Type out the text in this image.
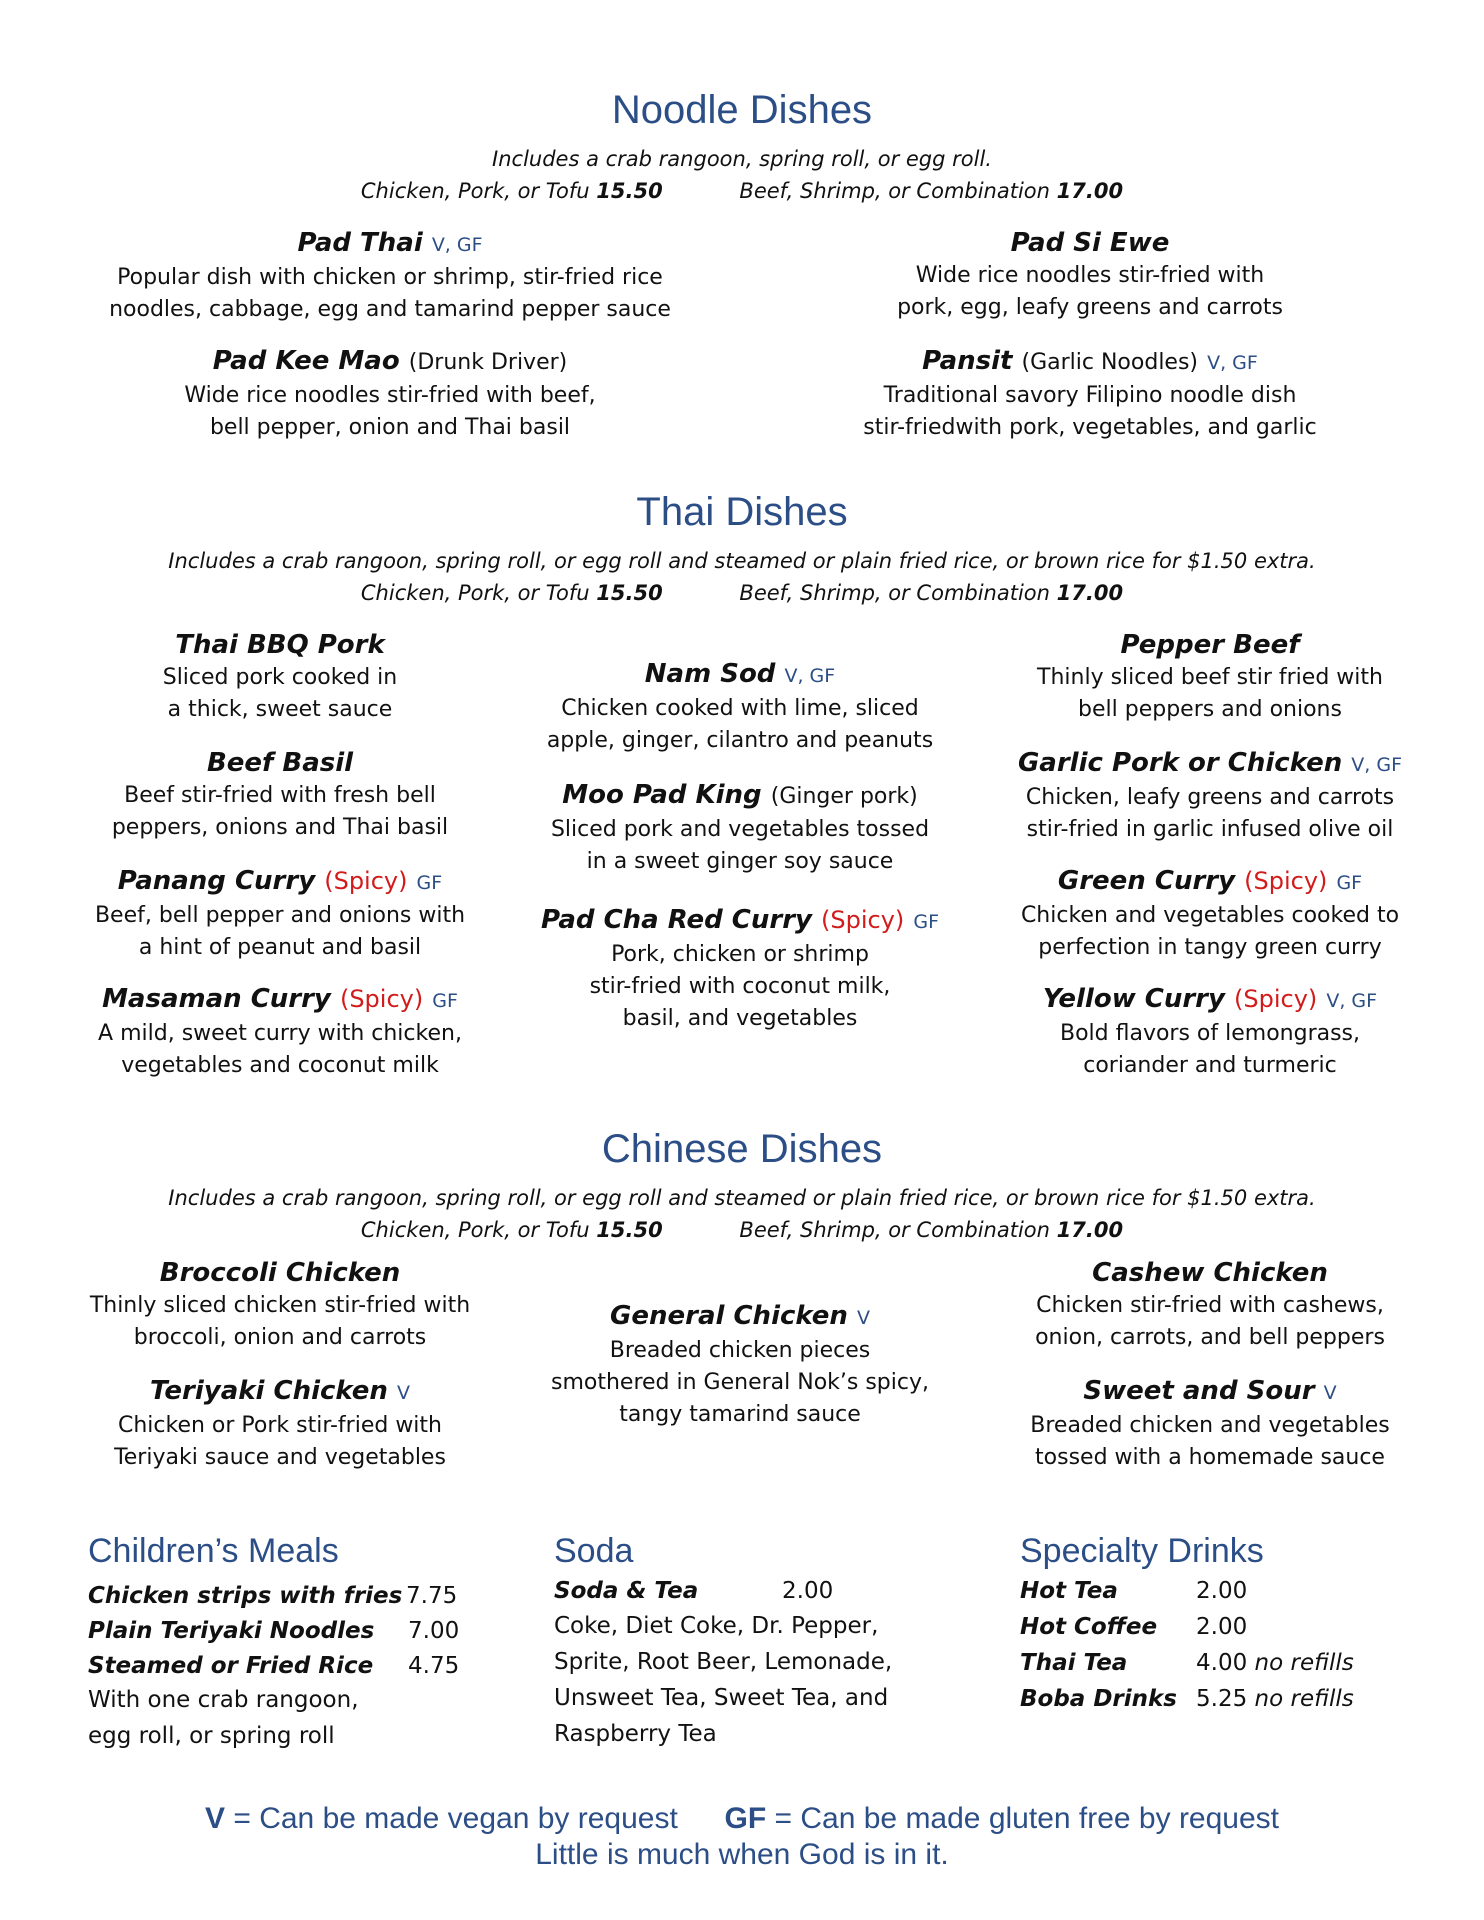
Noodle Dishes

Includes a crab rangoon, spring roll, or egg roll.

Chicken, Pork, or Tofu 15.50	Beef, Shrimp, or Combination 17.00
Pad Thai V, GF
Popular dish with chicken or shrimp, stir-fried rice
noodles, cabbage, egg and tamarind pepper sauce
Pad Si Ewe
Wide rice noodles stir-fried with
pork, egg, leafy greens and carrots
Pad Kee Mao (Drunk Driver)
Wide rice noodles stir-fried with beef,
bell pepper, onion and Thai basil
Pansit (Garlic Noodles) V, GF
Traditional savory Filipino noodle dish
stir-friedwith pork, vegetables, and garlic
Thai Dishes

Includes a crab rangoon, spring roll, or egg roll and steamed or plain fried rice, or brown rice for $1.50 extra.

Chicken, Pork, or Tofu 15.50	Beef, Shrimp, or Combination 17.00
Thai BBQ Pork
Sliced pork cooked in
a thick, sweet sauce
Beef Basil
Beef stir-fried with fresh bell
peppers, onions and Thai basil
Panang Curry (Spicy) GF
Beef, bell pepper and onions with
a hint of peanut and basil
Masaman Curry (Spicy) GF
A mild, sweet curry with chicken,
vegetables and coconut milk
Nam Sod V, GF
Chicken cooked with lime, sliced
apple, ginger, cilantro and peanuts
Moo Pad King (Ginger pork)
Sliced pork and vegetables tossed
in a sweet ginger soy sauce
Pad Cha Red Curry (Spicy) GF
Pork, chicken or shrimp
stir-fried with coconut milk,
basil, and vegetables
Pepper Beef
Thinly sliced beef stir fried with
bell peppers and onions
Garlic Pork or Chicken V, GF
Chicken, leafy greens and carrots
stir-fried in garlic infused olive oil
Green Curry (Spicy) GF
Chicken and vegetables cooked to
perfection in tangy green curry
Yellow Curry (Spicy) V, GF
Bold flavors of lemongrass,
coriander and turmeric
Chinese Dishes

Includes a crab rangoon, spring roll, or egg roll and steamed or plain fried rice, or brown rice for $1.50 extra.

Chicken, Pork, or Tofu 15.50	Beef, Shrimp, or Combination 17.00
Broccoli Chicken
Thinly sliced chicken stir-fried with
broccoli, onion and carrots
Teriyaki Chicken V
Chicken or Pork stir-fried with
Teriyaki sauce and vegetables
General Chicken V
Breaded chicken pieces
smothered in General Nok’s spicy,
tangy tamarind sauce
Cashew Chicken
Chicken stir-fried with cashews,
onion, carrots, and bell peppers
Sweet and Sour V
Breaded chicken and vegetables
tossed with a homemade sauce
Children’s Meals
Chicken strips with fries 7.75
Plain Teriyaki Noodles 7.00
Steamed or Fried Rice 4.75
With one crab rangoon,
egg roll, or spring roll
Soda
Soda & Tea	2.00
Coke, Diet Coke, Dr. Pepper,
Sprite, Root Beer, Lemonade,
Unsweet Tea, Sweet Tea, and
Raspberry Tea
Specialty Drinks
Hot Tea	2.00
Hot Coffee 2.00
Thai Tea	4.00 no refills
Boba Drinks 5.25 no refills
V = Can be made vegan by request GF = Can be made gluten free by request
Little is much when God is in it.
